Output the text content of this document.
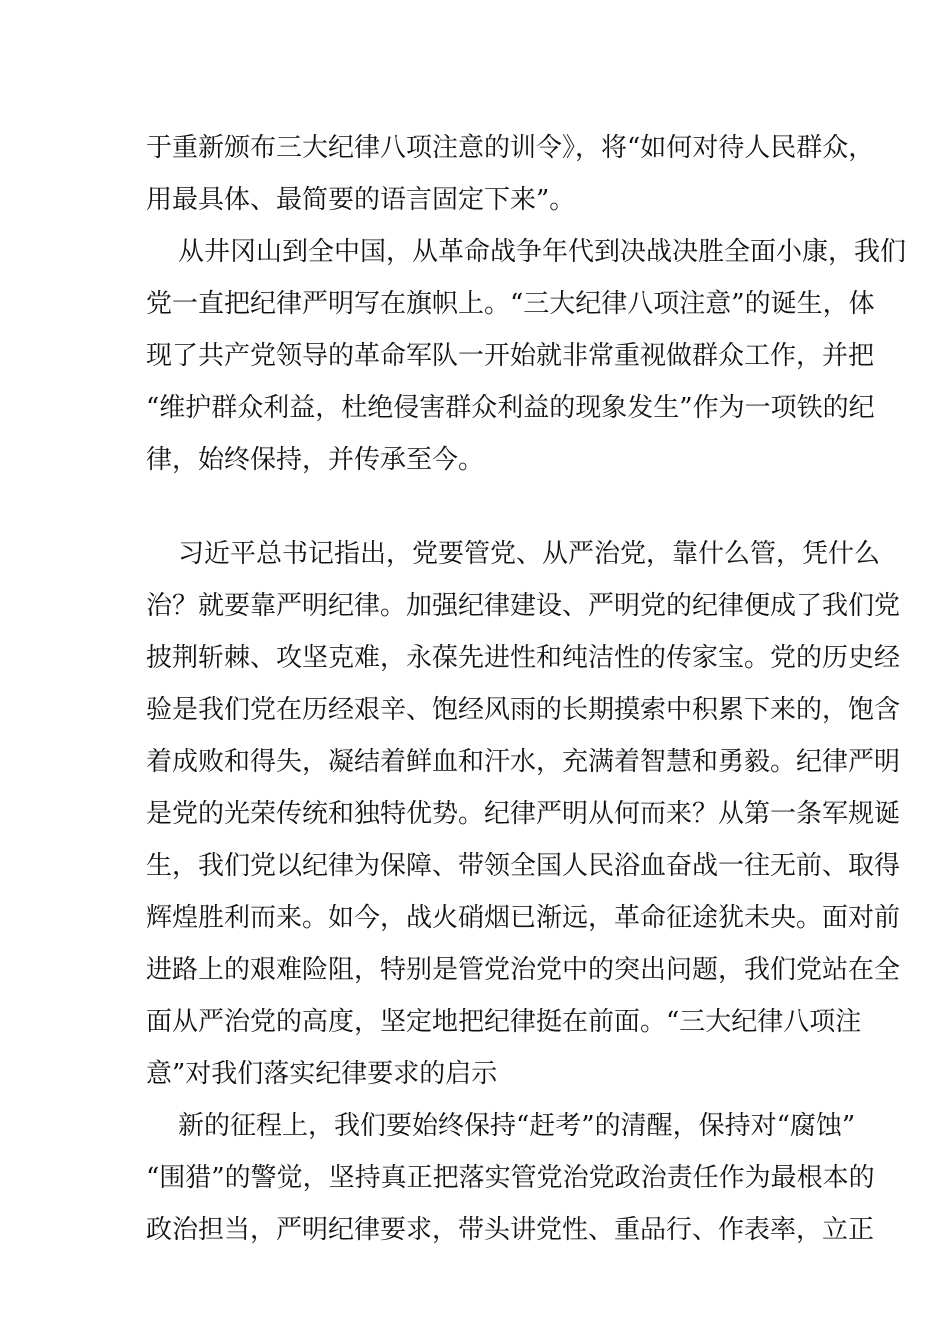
于重新颁布三大纪律八项注意的训令》，将“如何对待人民群众，
用最具体、最简要的语言固定下来”。
从井冈山到全中国，从革命战争年代到决战决胜全面小康，我们
党一直把纪律严明写在旗帜上。“三大纪律八项注意”的诞生，体
现了共产党领导的革命军队一开始就非常重视做群众工作，并把
“维护群众利益，杜绝侵害群众利益的现象发生”作为一项铁的纪
律，始终保持，并传承至今。
习近平总书记指出，党要管党、从严治党，靠什么管，凭什么
治？就要靠严明纪律。加强纪律建设、严明党的纪律便成了我们党
披荆斩棘、攻坚克难，永葆先进性和纯洁性的传家宝。党的历史经
验是我们党在历经艰辛、饱经风雨的长期摸索中积累下来的，饱含
着成败和得失，凝结着鲜血和汗水，充满着智慧和勇毅。纪律严明
是党的光荣传统和独特优势。纪律严明从何而来？从第一条军规诞
生，我们党以纪律为保障、带领全国人民浴血奋战一往无前、取得
辉煌胜利而来。如今，战火硝烟已渐远，革命征途犹未央。面对前
进路上的艰难险阻，特别是管党治党中的突出问题，我们党站在全
面从严治党的高度，坚定地把纪律挺在前面。“三大纪律八项注
意”对我们落实纪律要求的启示
新的征程上，我们要始终保持“赶考”的清醒，保持对“腐蚀”
“围猎”的警觉，坚持真正把落实管党治党政治责任作为最根本的
政治担当，严明纪律要求，带头讲党性、重品行、作表率，立正
